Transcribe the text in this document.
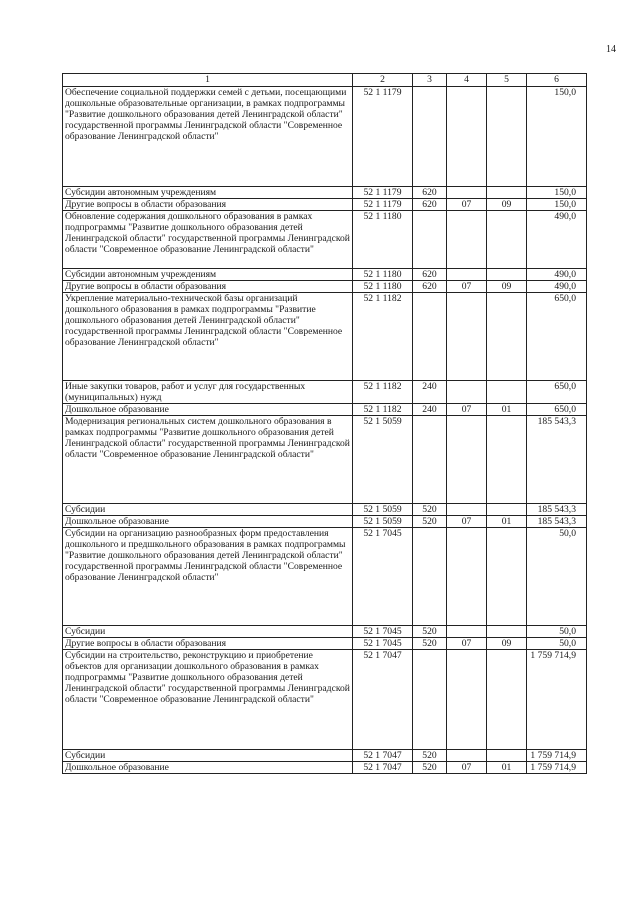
14
1	2	3	4	5	6
Обеспечение социальной поддержки семей с детьми, посещающими дошкольные образовательные организации, в рамках подпрограммы "Развитие дошкольного образования детей Ленинградской области" государственной программы Ленинградской области "Современное образование Ленинградской области"	52 1 1179				150,0
Субсидии автономным учреждениям	52 1 1179	620			150,0
Другие вопросы в области образования	52 1 1179	620	07	09	150,0
Обновление содержания дошкольного образования в рамках подпрограммы "Развитие дошкольного образования детей Ленинградской области" государственной программы Ленинградской области "Современное образование Ленинградской области"	52 1 1180				490,0
Субсидии автономным учреждениям	52 1 1180	620			490,0
Другие вопросы в области образования	52 1 1180	620	07	09	490,0
Укрепление материально-технической базы организаций дошкольного образования в рамках подпрограммы "Развитие дошкольного образования детей Ленинградской области" государственной программы Ленинградской области "Современное образование Ленинградской области"	52 1 1182				650,0
Иные закупки товаров, работ и услуг для государственных (муниципальных) нужд	52 1 1182	240			650,0
Дошкольное образование	52 1 1182	240	07	01	650,0
Модернизация региональных систем дошкольного образования в рамках подпрограммы "Развитие дошкольного образования детей Ленинградской области" государственной программы Ленинградской области "Современное образование Ленинградской области"	52 1 5059				185 543,3
Субсидии	52 1 5059	520			185 543,3
Дошкольное образование	52 1 5059	520	07	01	185 543,3
Субсидии на организацию разнообразных форм предоставления дошкольного и предшкольного образования в рамках подпрограммы "Развитие дошкольного образования детей Ленинградской области" государственной программы Ленинградской области "Современное образование Ленинградской области"	52 1 7045				50,0
Субсидии	52 1 7045	520			50,0
Другие вопросы в области образования	52 1 7045	520	07	09	50,0
Субсидии на строительство, реконструкцию и приобретение объектов для организации дошкольного образования в рамках подпрограммы "Развитие дошкольного образования детей Ленинградской области" государственной программы Ленинградской области "Современное образование Ленинградской области"	52 1 7047				1 759 714,9
Субсидии	52 1 7047	520			1 759 714,9
Дошкольное образование	52 1 7047	520	07	01	1 759 714,9
